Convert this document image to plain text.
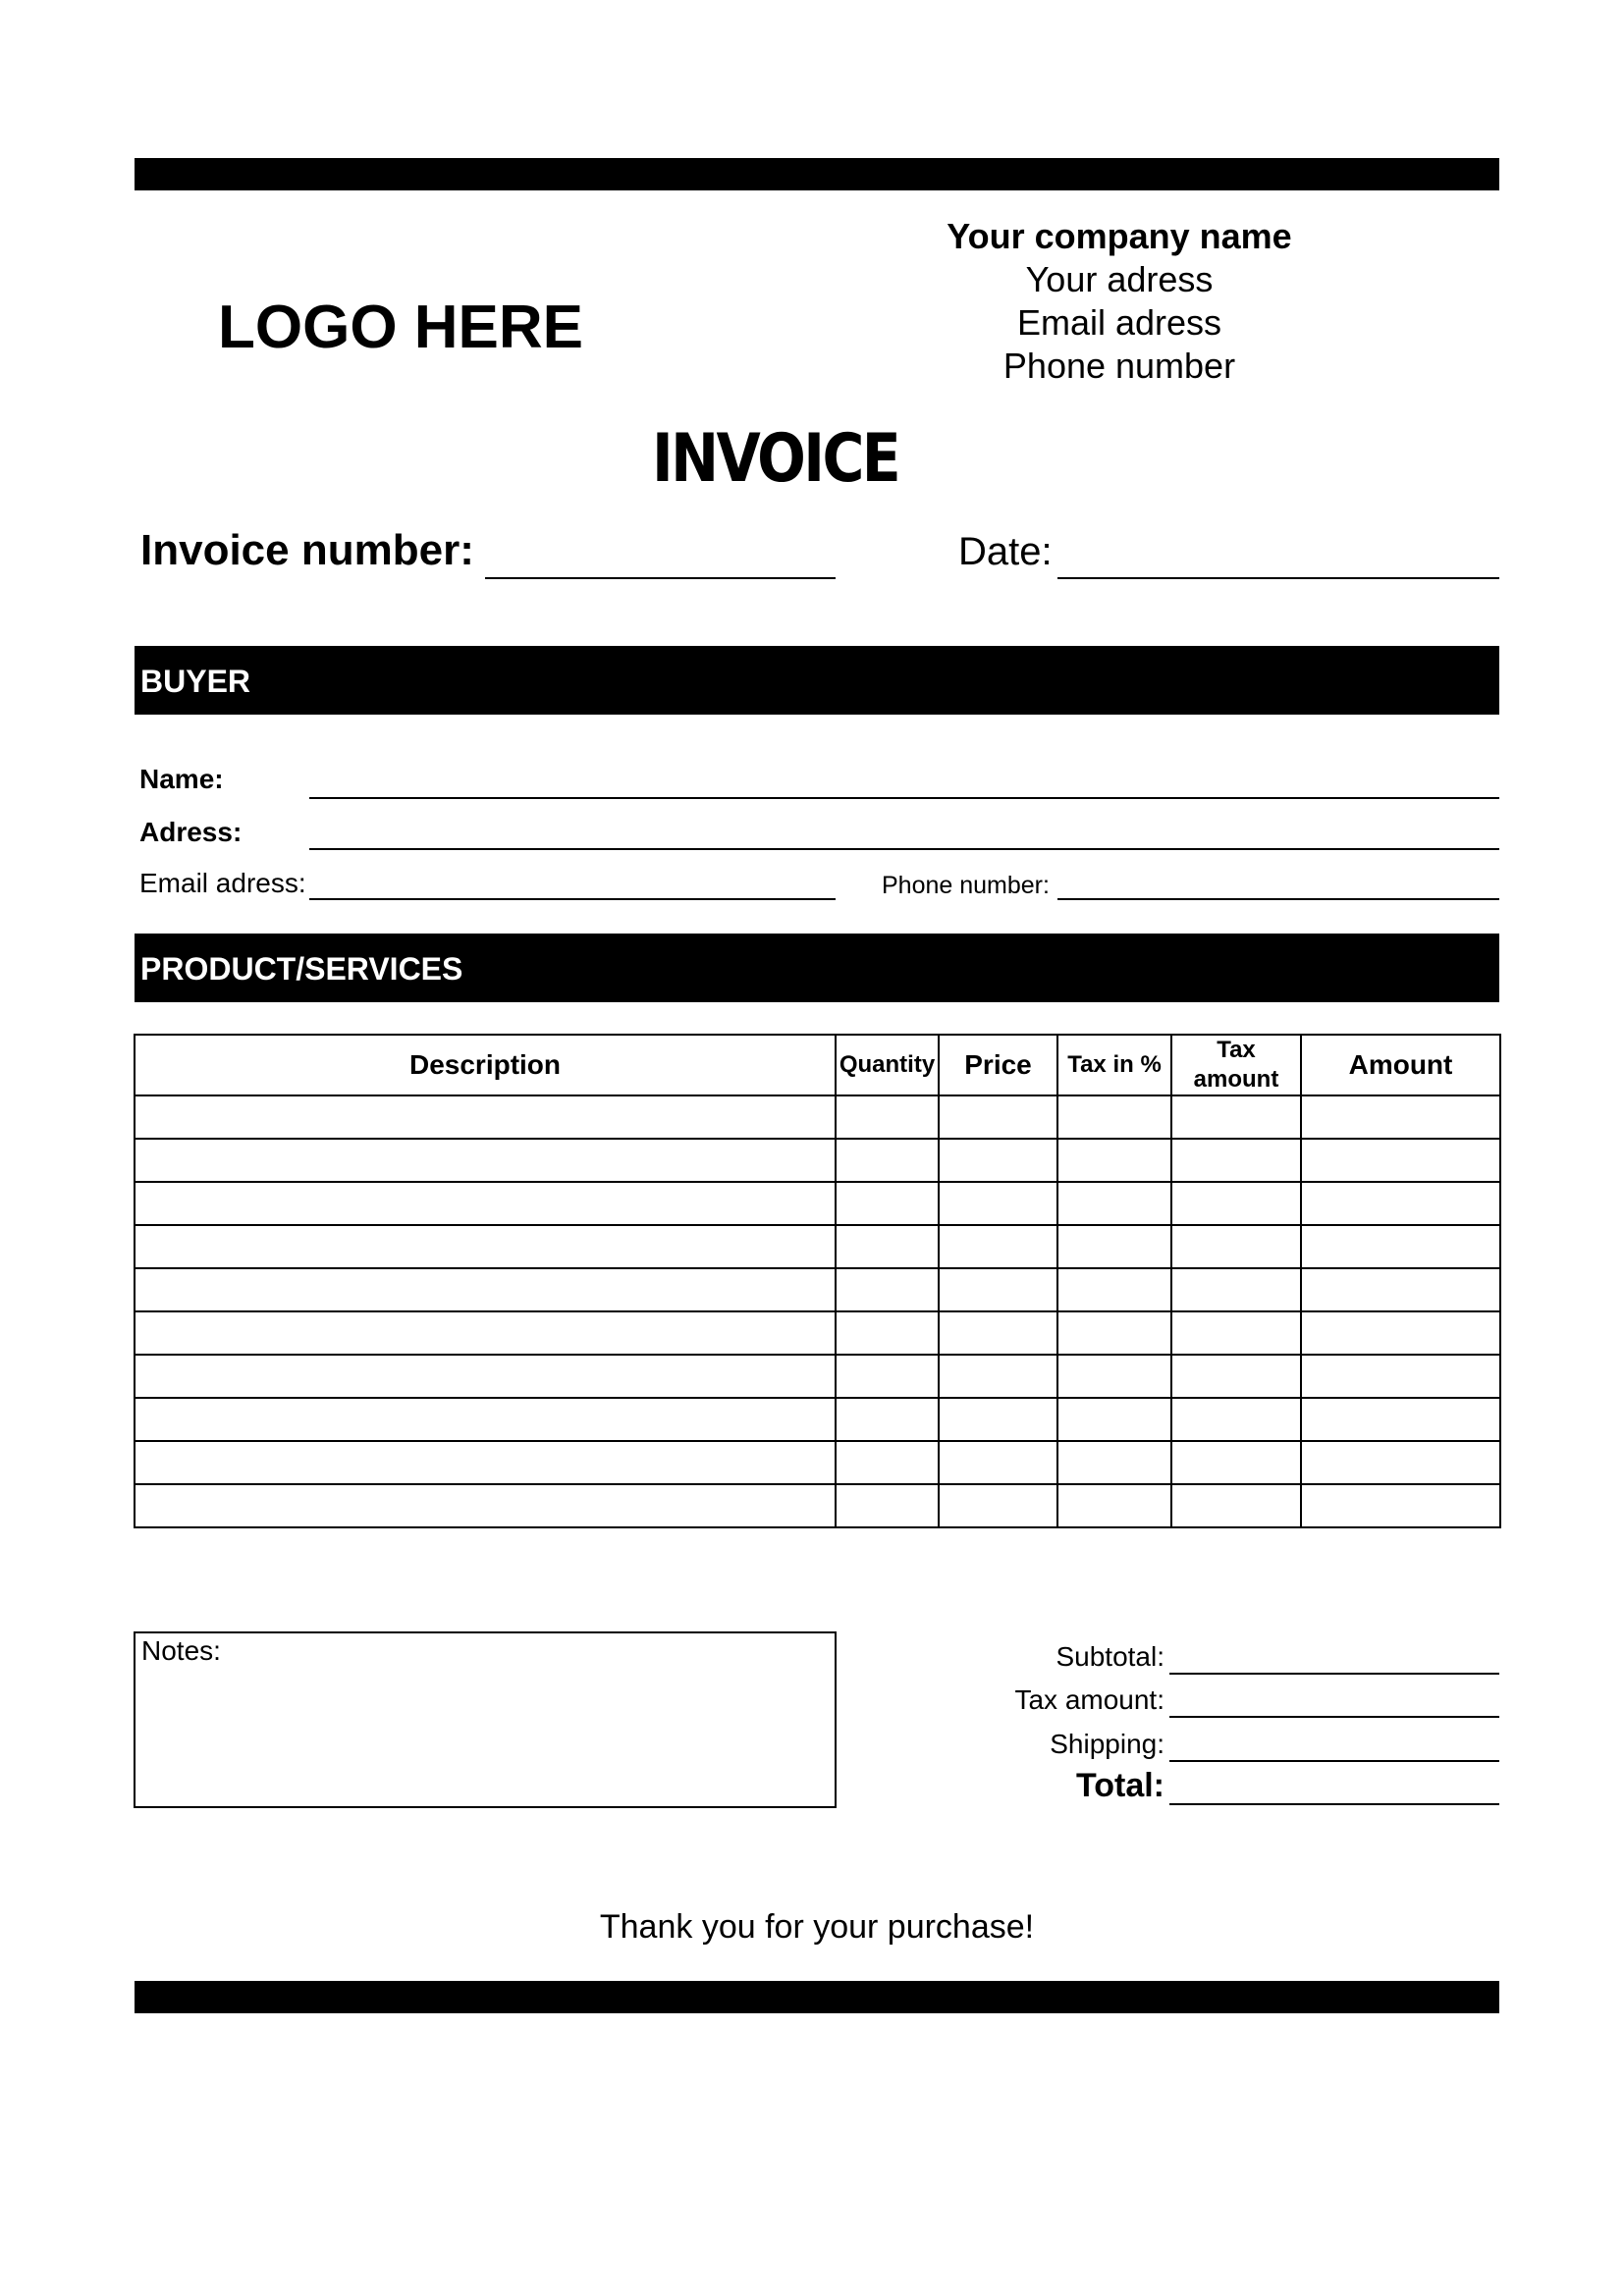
Your company name
Your adress
Email adress
Phone number
LOGO HERE
INVOICE
Invoice number:	Date:
BUYER
Name:
Adress:
Email adress:	Phone number:
PRODUCT/SERVICES
Description	Quantity	Price	Tax in %	Tax amount	Amount

Notes:	Subtotal:
Tax amount:
Shipping:
Total:
Thank you for your purchase!
